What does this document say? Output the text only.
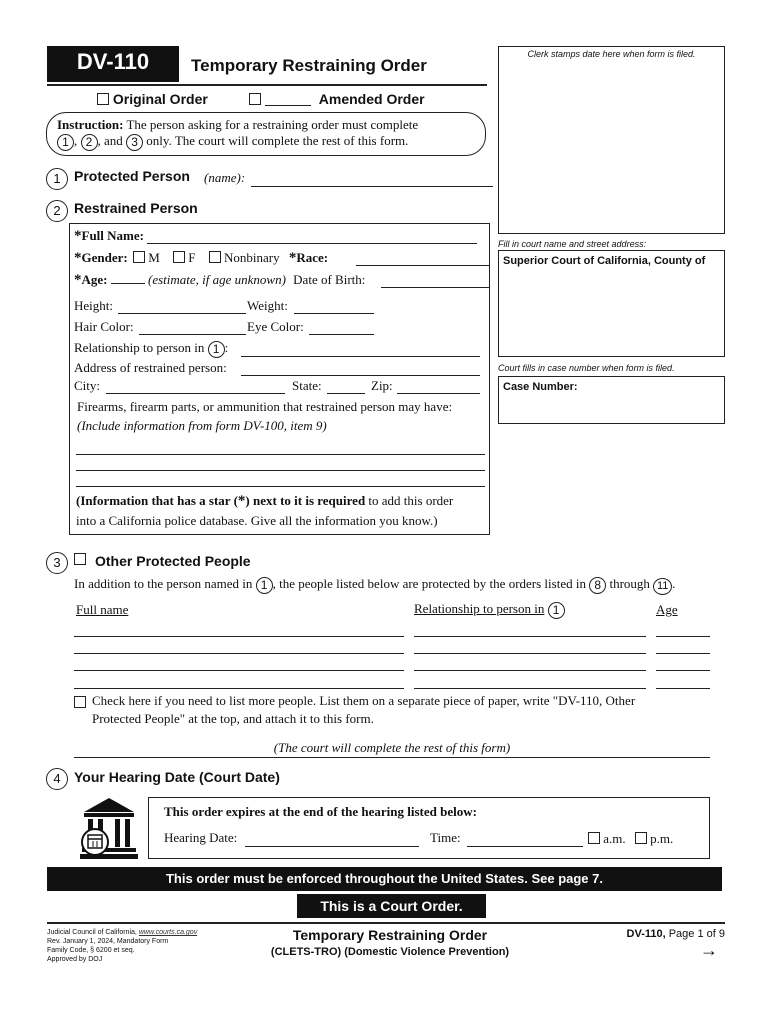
DV-110	Temporary Restraining Order
Original Order	Amended Order
Instruction: The person asking for a restraining order must complete
1 , 2 , and 3 only. The court will complete the rest of this form.
Clerk stamps date here when form is filed.
Fill in court name and street address:
Superior Court of California, County of
Court fills in case number when form is filed.
Case Number:
1 Protected Person (name):
2 Restrained Person
*Full Name:
*Gender: M F Nonbinary *Race:
*Age:	(estimate, if age unknown) Date of Birth:
Height:	Weight:
Hair Color:	Eye Color:
Relationship to person in 1 :
Address of restrained person:
City:	State:	Zip:
Firearms, firearm parts, or ammunition that restrained person may have:
(Include information from form DV-100, item 9)
(Information that has a star (*) next to it is required to add this order
into a California police database. Give all the information you know.)
3	Other Protected People
In addition to the person named in 1 , the people listed below are protected by the orders listed in 8 through 11 .
Full name	Relationship to person in 1	Age
Check here if you need to list more people. List them on a separate piece of paper, write "DV-110, Other
Protected People" at the top, and attach it to this form.
(The court will complete the rest of this form)
4 Your Hearing Date (Court Date)
This order expires at the end of the hearing listed below:
Hearing Date:	Time:	a.m. p.m.
This order must be enforced throughout the United States. See page 7.
This is a Court Order.
Judicial Council of California, www.courts.ca.gov
Rev. January 1, 2024, Mandatory Form
Family Code, § 6200 et seq.
Approved by DOJ
Temporary Restraining Order
(CLETS-TRO) (Domestic Violence Prevention)
DV-110, Page 1 of 9
→
